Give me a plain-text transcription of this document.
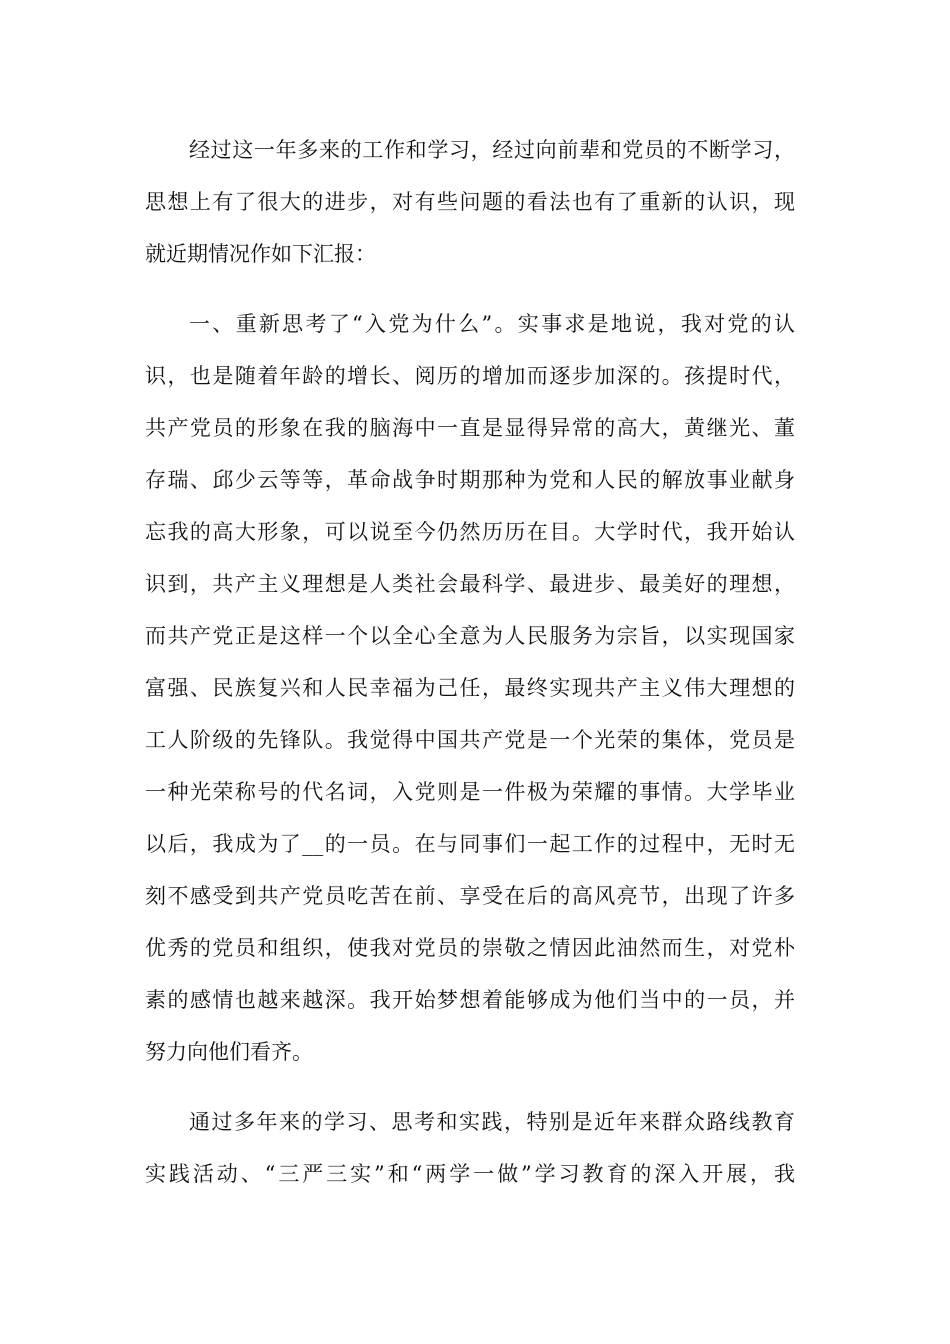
经过这一年多来的工作和学习，经过向前辈和党员的不断学习，
思想上有了很大的进步，对有些问题的看法也有了重新的认识，现
就近期情况作如下汇报：
一、重新思考了“入党为什么”。实事求是地说，我对党的认
识，也是随着年龄的增长、阅历的增加而逐步加深的。孩提时代，
共产党员的形象在我的脑海中一直是显得异常的高大，黄继光、董
存瑞、邱少云等等，革命战争时期那种为党和人民的解放事业献身
忘我的高大形象，可以说至今仍然历历在目。大学时代，我开始认
识到，共产主义理想是人类社会最科学、最进步、最美好的理想，
而共产党正是这样一个以全心全意为人民服务为宗旨，以实现国家
富强、民族复兴和人民幸福为己任，最终实现共产主义伟大理想的
工人阶级的先锋队。我觉得中国共产党是一个光荣的集体，党员是
一种光荣称号的代名词，入党则是一件极为荣耀的事情。大学毕业
以后，我成为了__的一员。在与同事们一起工作的过程中，无时无
刻不感受到共产党员吃苦在前、享受在后的高风亮节，出现了许多
优秀的党员和组织，使我对党员的崇敬之情因此油然而生，对党朴
素的感情也越来越深。我开始梦想着能够成为他们当中的一员，并
努力向他们看齐。
通过多年来的学习、思考和实践，特别是近年来群众路线教育
实践活动、“三严三实”和“两学一做”学习教育的深入开展，我
